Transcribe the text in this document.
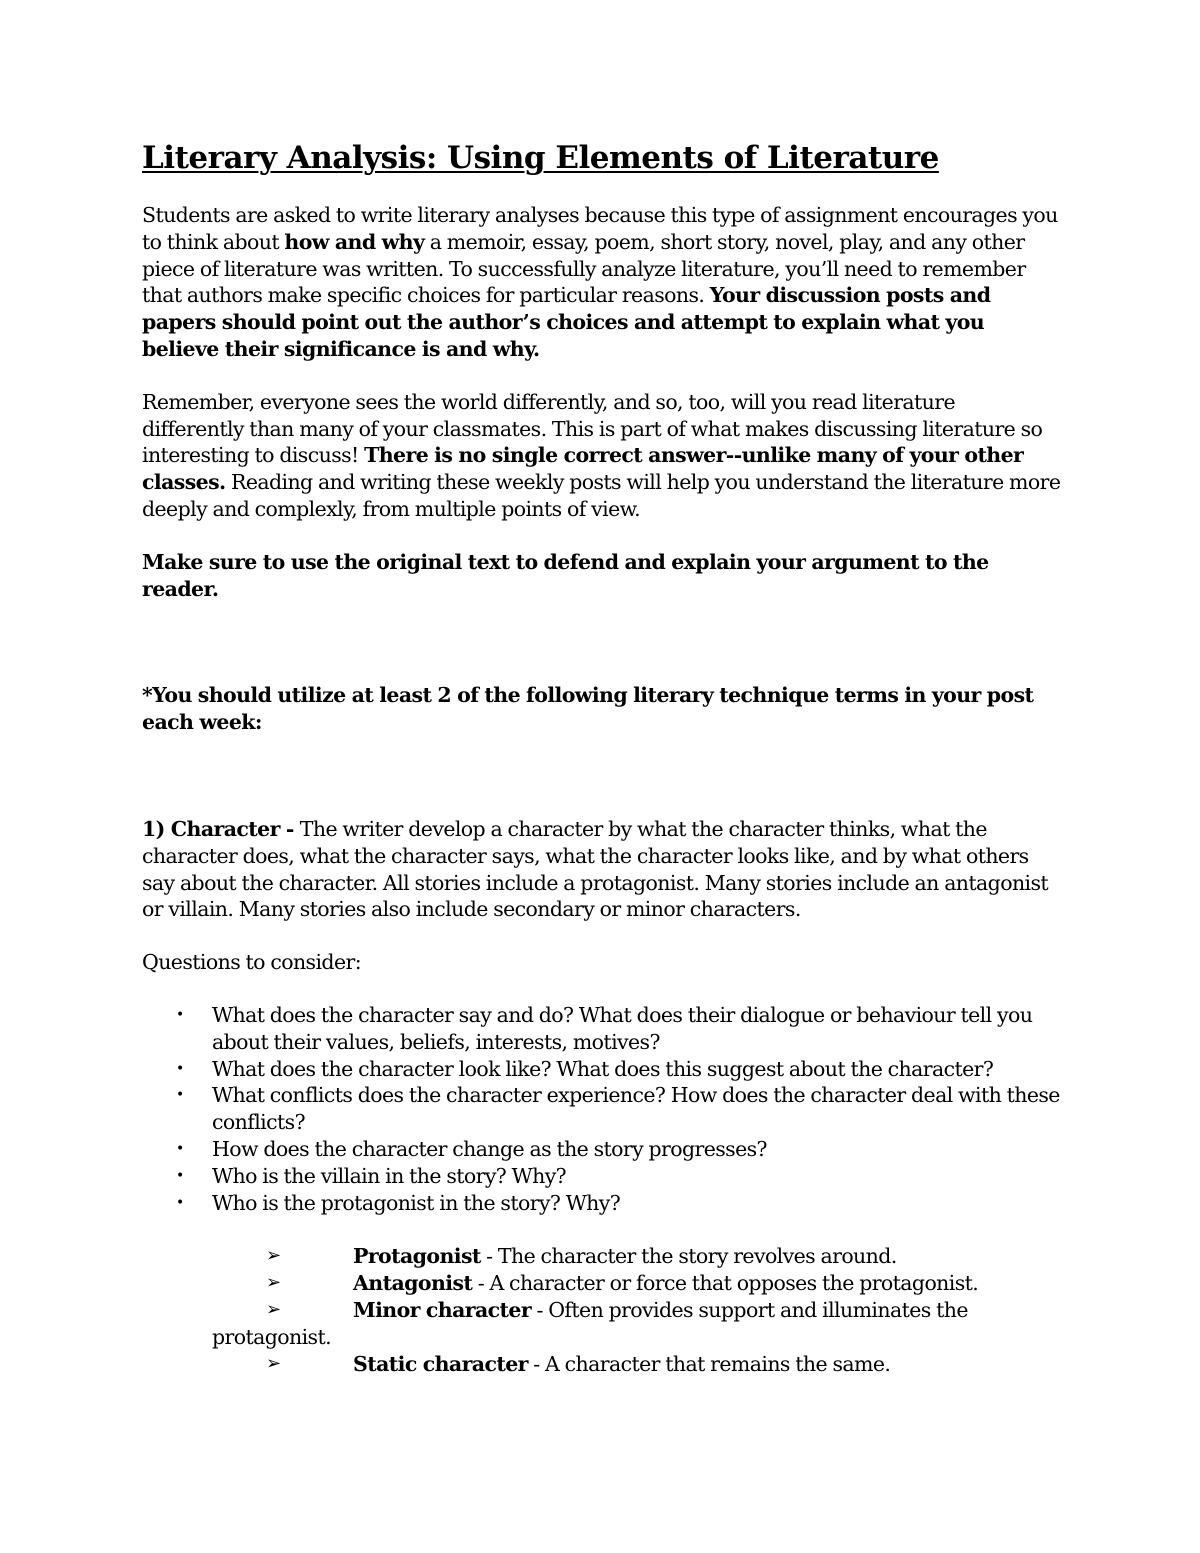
Literary Analysis: Using Elements of Literature

Students are asked to write literary analyses because this type of assignment encourages you to think about how and why a memoir, essay, poem, short story, novel, play, and any other piece of literature was written. To successfully analyze literature, you’ll need to remember that authors make specific choices for particular reasons. Your discussion posts and papers should point out the author’s choices and attempt to explain what you believe their significance is and why.

Remember, everyone sees the world differently, and so, too, will you read literature differently than many of your classmates. This is part of what makes discussing literature so interesting to discuss! There is no single correct answer--unlike many of your other classes. Reading and writing these weekly posts will help you understand the literature more deeply and complexly, from multiple points of view.

Make sure to use the original text to defend and explain your argument to the reader.

*You should utilize at least 2 of the following literary technique terms in your post each week:

1) Character - The writer develop a character by what the character thinks, what the character does, what the character says, what the character looks like, and by what others say about the character. All stories include a protagonist. Many stories include an antagonist or villain. Many stories also include secondary or minor characters.

Questions to consider:

• What does the character say and do? What does their dialogue or behaviour tell you about their values, beliefs, interests, motives?
• What does the character look like? What does this suggest about the character?
• What conflicts does the character experience? How does the character deal with these conflicts?
• How does the character change as the story progresses?
• Who is the villain in the story? Why?
• Who is the protagonist in the story? Why?
➢	Protagonist - The character the story revolves around.
➢	Antagonist - A character or force that opposes the protagonist.
➢	Minor character - Often provides support and illuminates the
protagonist.
➢	Static character - A character that remains the same.
